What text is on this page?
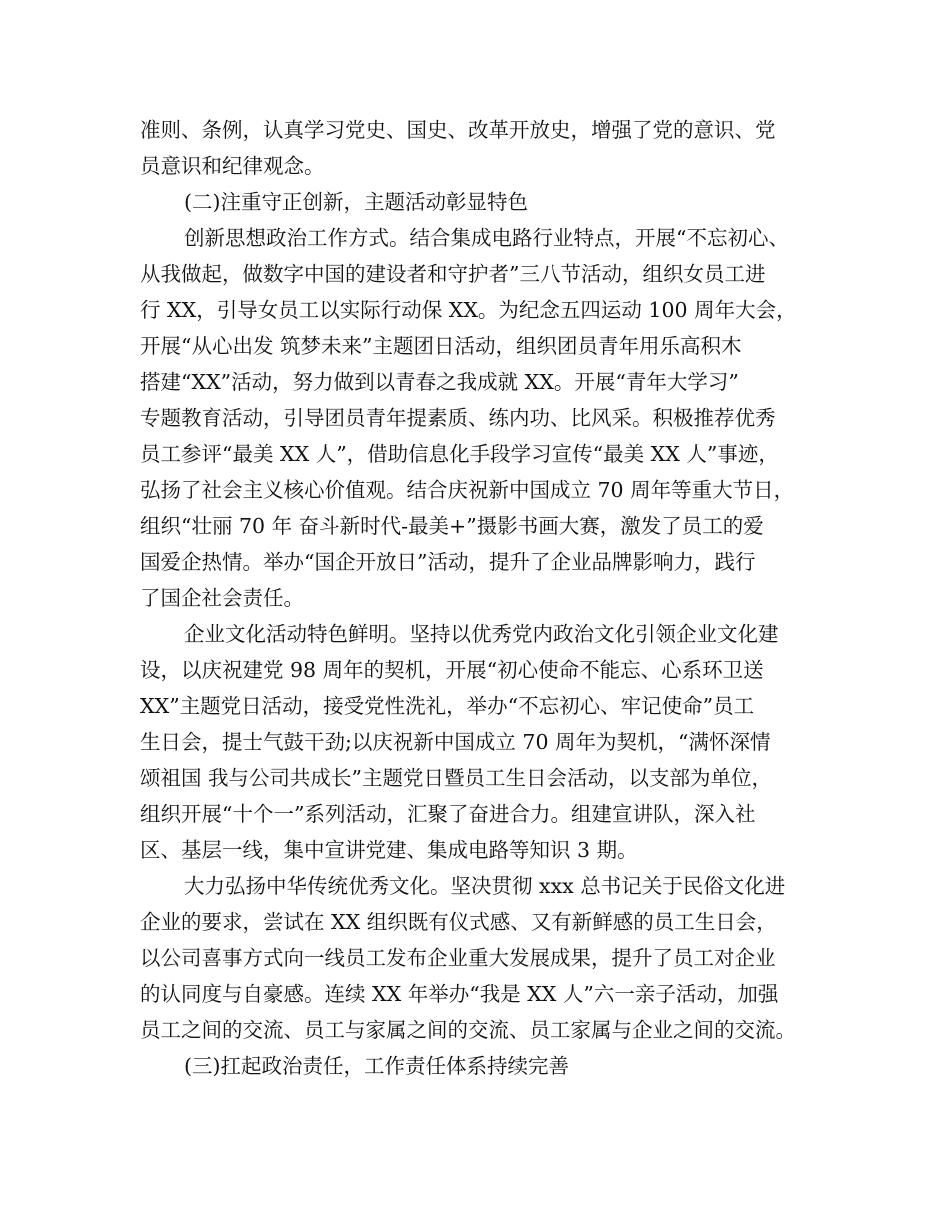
准则、条例，认真学习党史、国史、改革开放史，增强了党的意识、党
员意识和纪律观念。
(二)注重守正创新，主题活动彰显特色
创新思想政治工作方式。结合集成电路行业特点，开展“不忘初心、
从我做起，做数字中国的建设者和守护者”三八节活动，组织女员工进
行 XX，引导女员工以实际行动保 XX。为纪念五四运动 100 周年大会，
开展“从心出发 筑梦未来”主题团日活动，组织团员青年用乐高积木
搭建“XX”活动，努力做到以青春之我成就 XX。开展“青年大学习”
专题教育活动，引导团员青年提素质、练内功、比风采。积极推荐优秀
员工参评“最美 XX 人”，借助信息化手段学习宣传“最美 XX 人”事迹，
弘扬了社会主义核心价值观。结合庆祝新中国成立 70 周年等重大节日，
组织“壮丽 70 年 奋斗新时代-最美+”摄影书画大赛，激发了员工的爱
国爱企热情。举办“国企开放日”活动，提升了企业品牌影响力，践行
了国企社会责任。
企业文化活动特色鲜明。坚持以优秀党内政治文化引领企业文化建
设，以庆祝建党 98 周年的契机，开展“初心使命不能忘、心系环卫送
XX”主题党日活动，接受党性洗礼，举办“不忘初心、牢记使命”员工
生日会，提士气鼓干劲;以庆祝新中国成立 70 周年为契机，“满怀深情
颂祖国 我与公司共成长”主题党日暨员工生日会活动，以支部为单位，
组织开展“十个一”系列活动，汇聚了奋进合力。组建宣讲队，深入社
区、基层一线，集中宣讲党建、集成电路等知识 3 期。
大力弘扬中华传统优秀文化。坚决贯彻 xxx 总书记关于民俗文化进
企业的要求，尝试在 XX 组织既有仪式感、又有新鲜感的员工生日会，
以公司喜事方式向一线员工发布企业重大发展成果，提升了员工对企业
的认同度与自豪感。连续 XX 年举办“我是 XX 人”六一亲子活动，加强
员工之间的交流、员工与家属之间的交流、员工家属与企业之间的交流。
(三)扛起政治责任，工作责任体系持续完善
